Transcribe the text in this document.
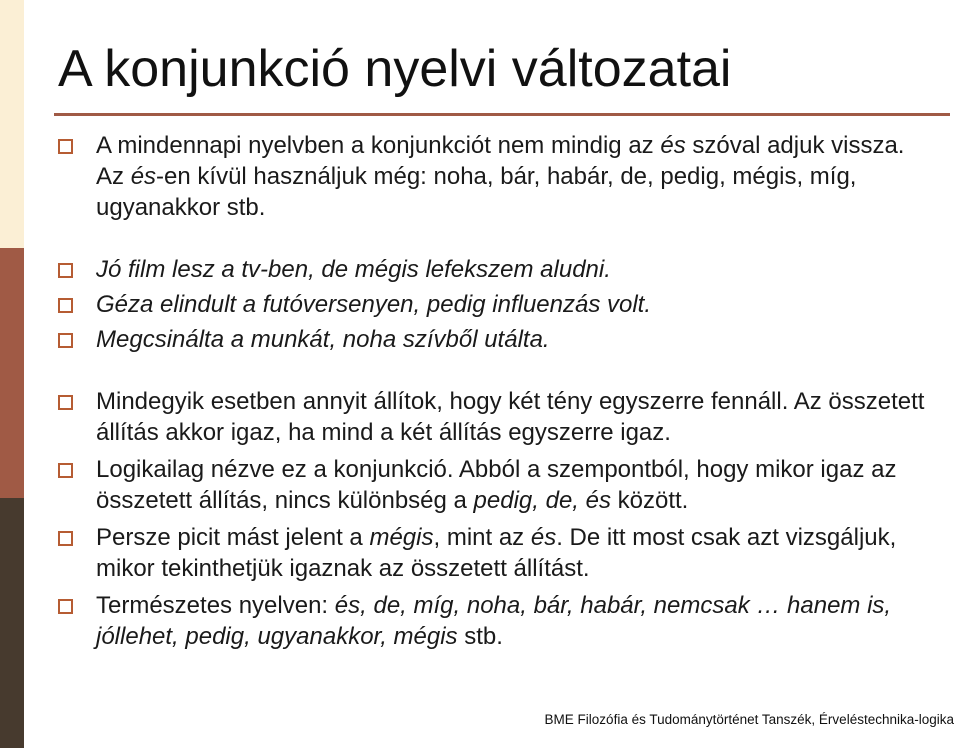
A konjunkció nyelvi változatai
A mindennapi nyelvben a konjunkciót nem mindig az és szóval adjuk vissza. Az és-en kívül használjuk még: noha, bár, habár, de, pedig, mégis, míg, ugyanakkor stb.
Jó film lesz a tv-ben, de mégis lefekszem aludni.
Géza elindult a futóversenyen, pedig influenzás volt.
Megcsinálta a munkát, noha szívből utálta.
Mindegyik esetben annyit állítok, hogy két tény egyszerre fennáll. Az összetett állítás akkor igaz, ha mind a két állítás egyszerre igaz.
Logikailag nézve ez a konjunkció. Abból a szempontból, hogy mikor igaz az összetett állítás, nincs különbség a pedig, de, és között.
Persze picit mást jelent a mégis, mint az és. De itt most csak azt vizsgáljuk, mikor tekinthetjük igaznak az összetett állítást.
Természetes nyelven: és, de, míg, noha, bár, habár, nemcsak … hanem is, jóllehet, pedig, ugyanakkor, mégis stb.
BME Filozófia és Tudománytörténet Tanszék, Érveléstechnika-logika
